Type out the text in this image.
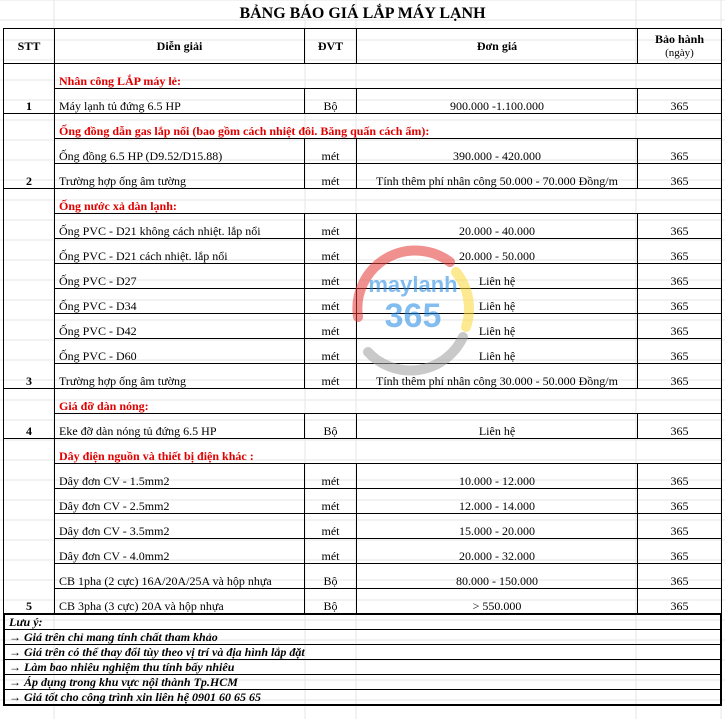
BẢNG BÁO GIÁ LẮP MÁY LẠNH
STT	Diễn giải	ĐVT	Đơn giá	Bảo hành
(ngày)

1	Nhân công LẮP máy lẻ:
Máy lạnh tủ đứng 6.5 HP	Bộ	900.000 -1.100.000	365
2	Ống đồng dẫn gas lắp nổi (bao gồm cách nhiệt đôi. Băng quấn cách ẩm):
Ống đồng 6.5 HP (D9.52/D15.88)	mét	390.000 - 420.000	365
Trường hợp ống âm tường	mét	Tính thêm phí nhân công 50.000 - 70.000 Đồng/m	365
3	Ống nước xả dàn lạnh:
Ống PVC - D21 không cách nhiệt. lắp nổi	mét	20.000 - 40.000	365
Ống PVC - D21 cách nhiệt. lắp nổi	mét	20.000 - 50.000	365
Ống PVC - D27	mét	Liên hệ	365
Ống PVC - D34	mét	Liên hệ	365
Ống PVC - D42	mét	Liên hệ	365
Ống PVC - D60	mét	Liên hệ	365
Trường hợp ống âm tường	mét	Tính thêm phí nhân công 30.000 - 50.000 Đồng/m	365
4	Giá đỡ dàn nóng:
Eke đỡ dàn nóng tủ đứng 6.5 HP	Bộ	Liên hệ	365
5	Dây điện nguồn và thiết bị điện khác :
Dây đơn CV - 1.5mm2	mét	10.000 - 12.000	365
Dây đơn CV - 2.5mm2	mét	12.000 - 14.000	365
Dây đơn CV - 3.5mm2	mét	15.000 - 20.000	365
Dây đơn CV - 4.0mm2	mét	20.000 - 32.000	365
CB 1pha (2 cực) 16A/20A/25A và hộp nhựa	Bộ	80.000 - 150.000	365
CB 3pha (3 cực) 20A và hộp nhựa	Bộ	> 550.000	365

Lưu ý:
→ Giá trên chỉ mang tính chất tham khảo
→ Giá trên có thể thay đổi tùy theo vị trí và địa hình lắp đặt
→ Làm bao nhiêu nghiệm thu tính bấy nhiêu
→ Áp dụng trong khu vực nội thành Tp.HCM
→ Giá tốt cho công trình xin liên hệ 0901 60 65 65
maylanh
365
